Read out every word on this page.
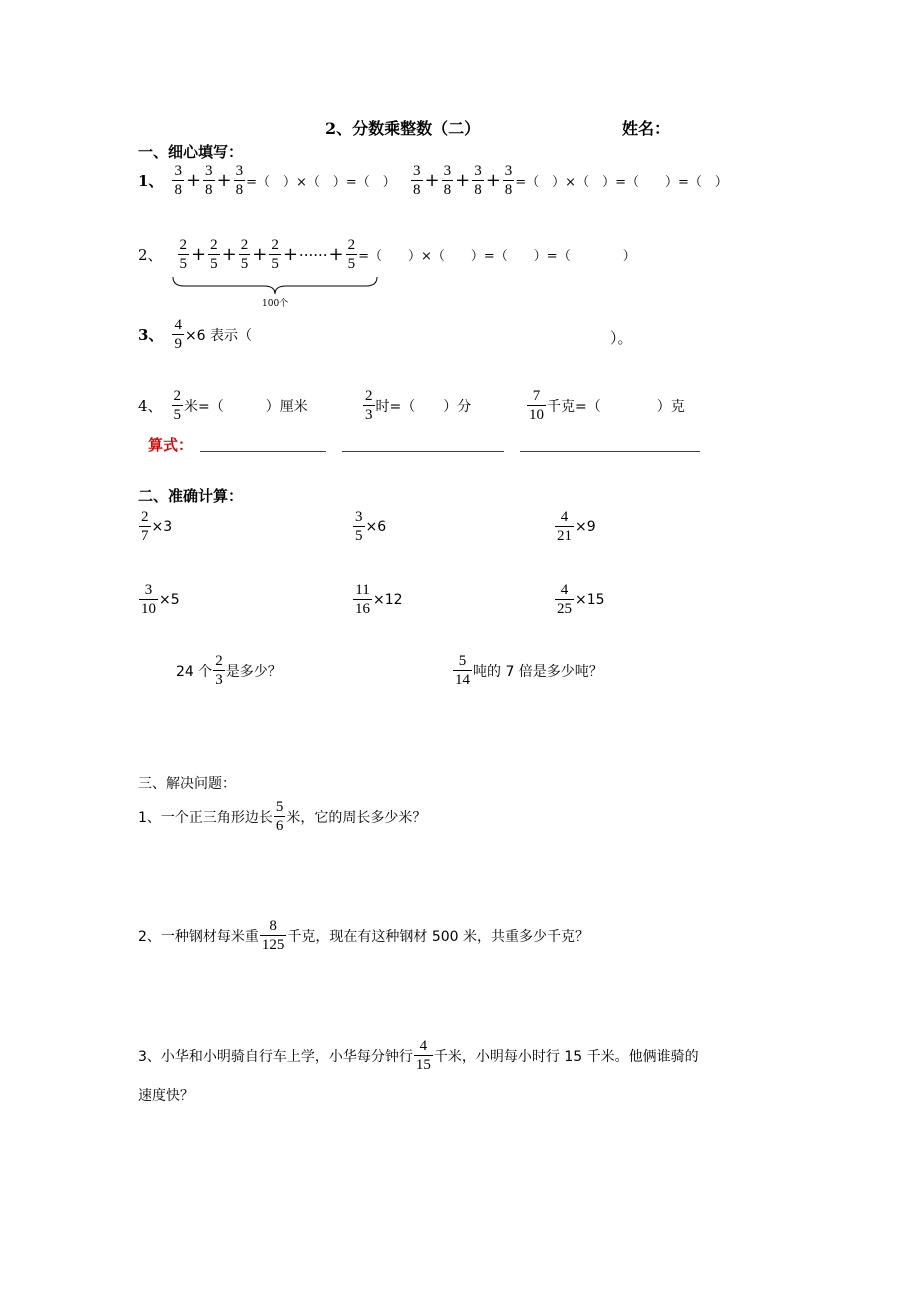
2、分数乘整数（二）	姓名：
一、细心填写：
1、 $\frac{3}{8} + \frac{3}{8} + \frac{3}{8}$ =（　）×（　）=（　） $\frac{3}{8} + \frac{3}{8} + \frac{3}{8} + \frac{3}{8}$ =（　）×（　）=（　　）=（　）
2、 $\frac{2}{5} + \frac{2}{5} + \frac{2}{5} + \frac{2}{5}$ + ······ + $\frac{2}{5}$ =（　　）×（　　）=（　　）=（　　　　）
100个
3、 $\frac{4}{9} \times 6$ 表示（	）。
4、 $\frac{2}{5}$ 米=（　　　）厘米	$\frac{2}{3}$ 时=（　　）分	$\frac{7}{10}$ 千克=（　　　　）克
算式：
二、准确计算：
$\frac{2}{7} \times 3$	$\frac{3}{5} \times 6$	$\frac{4}{21} \times 9$
$\frac{3}{10} \times 5$	$\frac{11}{16} \times 12$	$\frac{4}{25} \times 15$
24 个 $\frac{2}{3}$ 是多少？	$\frac{5}{14}$ 吨的 7 倍是多少吨？
三、解决问题：
1、一个正三角形边长 $\frac{5}{6}$ 米，它的周长多少米？
2、一种钢材每米重 $\frac{8}{125}$ 千克，现在有这种钢材 500 米，共重多少千克？
3、小华和小明骑自行车上学，小华每分钟行 $\frac{4}{15}$ 千米，小明每小时行 15 千米。他俩谁骑的
速度快？
